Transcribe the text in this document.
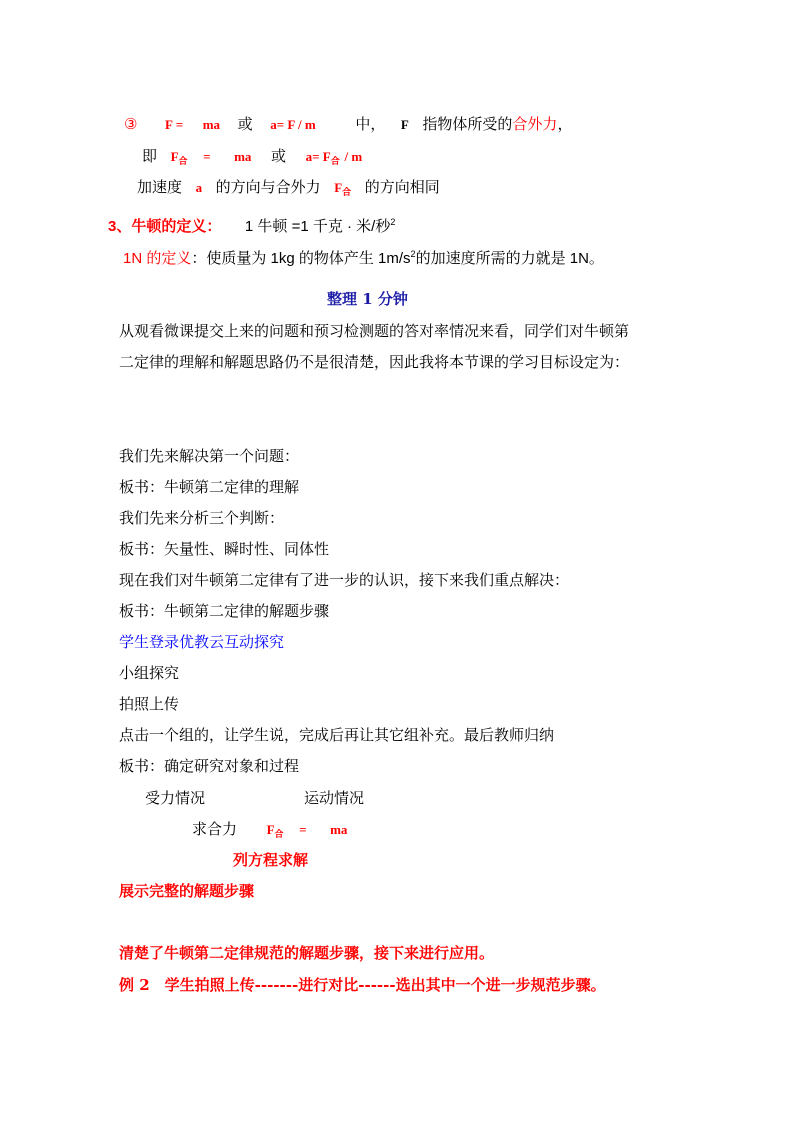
③ F = ma 或 a= F / m	中， F 指物体所受的合外力，
即 $F_合$ = ma 或 $a= F_合 / m$
加速度 a 的方向与合外力 $F_合$ 的方向相同
3、牛顿的定义： 1 牛顿 =1 千克 · 米/秒$^2$
1N 的定义：使质量为 1kg 的物体产生 $1m/s^2$的加速度所需的力就是 1N。
整理 1 分钟
从观看微课提交上来的问题和预习检测题的答对率情况来看，同学们对牛顿第
二定律的理解和解题思路仍不是很清楚，因此我将本节课的学习目标设定为：
我们先来解决第一个问题：
板书：牛顿第二定律的理解
我们先来分析三个判断：
板书：矢量性、瞬时性、同体性
现在我们对牛顿第二定律有了进一步的认识，接下来我们重点解决：
板书：牛顿第二定律的解题步骤
学生登录优教云互动探究
小组探究
拍照上传
点击一个组的，让学生说，完成后再让其它组补充。最后教师归纳
板书：确定研究对象和过程
受力情况	运动情况
求合力 $F_合$ = ma
列方程求解
展示完整的解题步骤
清楚了牛顿第二定律规范的解题步骤，接下来进行应用。
例 2　学生拍照上传-------进行对比------选出其中一个进一步规范步骤。
